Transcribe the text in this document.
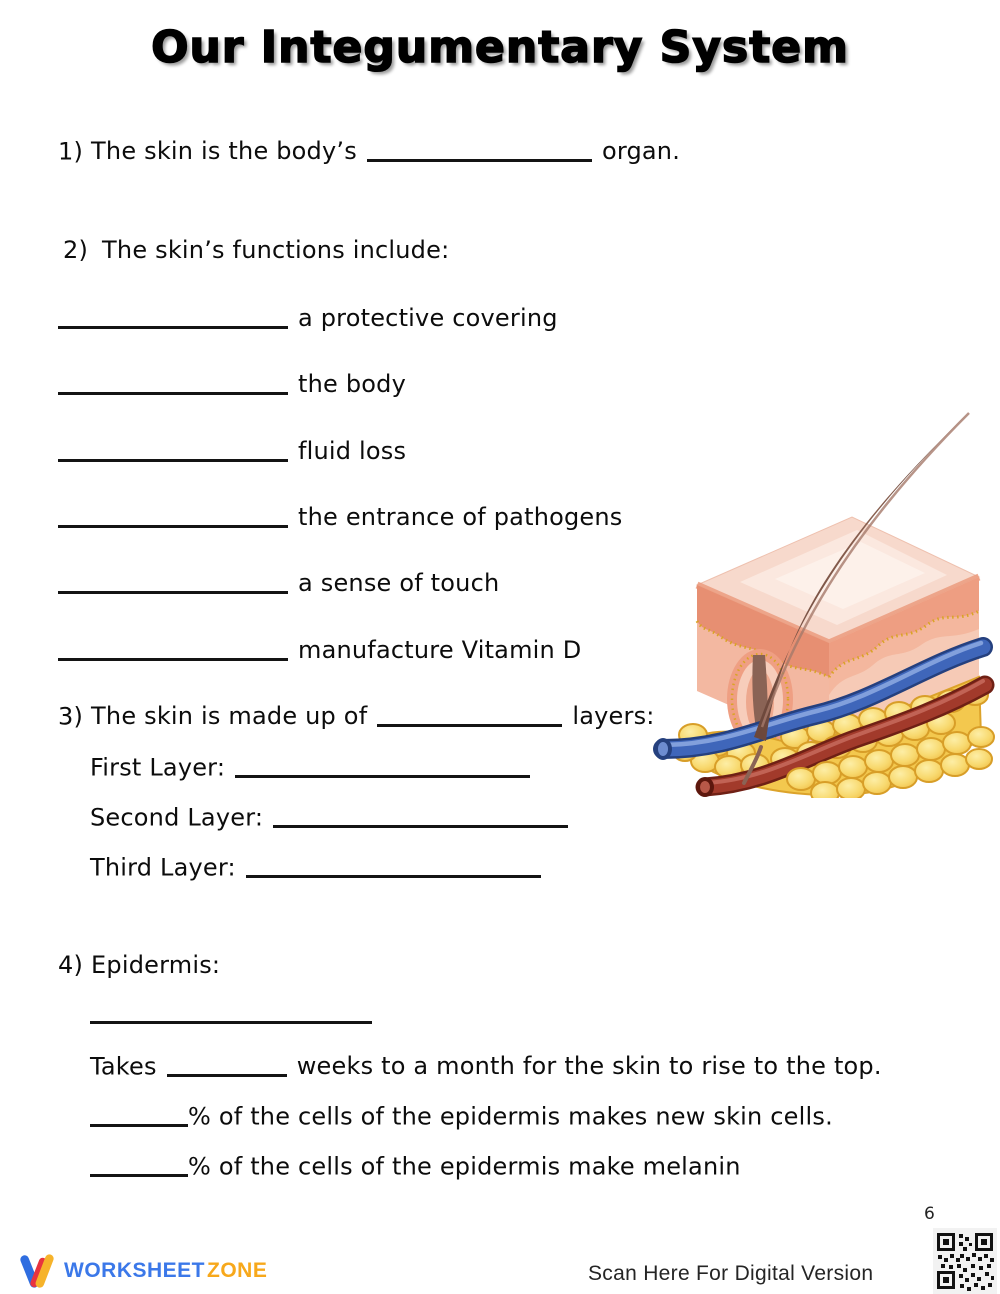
Our Integumentary System
1) The skin is the body’s	organ.
2) The skin’s functions include:
a protective covering
the body
fluid loss
the entrance of pathogens
a sense of touch
manufacture Vitamin D
3) The skin is made up of	layers:
First Layer:
Second Layer:
Third Layer:
4) Epidermis:
Takes	weeks to a month for the skin to rise to the top.
% of the cells of the epidermis makes new skin cells.
% of the cells of the epidermis make melanin
WORKSHEETZONE	Scan Here For Digital Version
6
